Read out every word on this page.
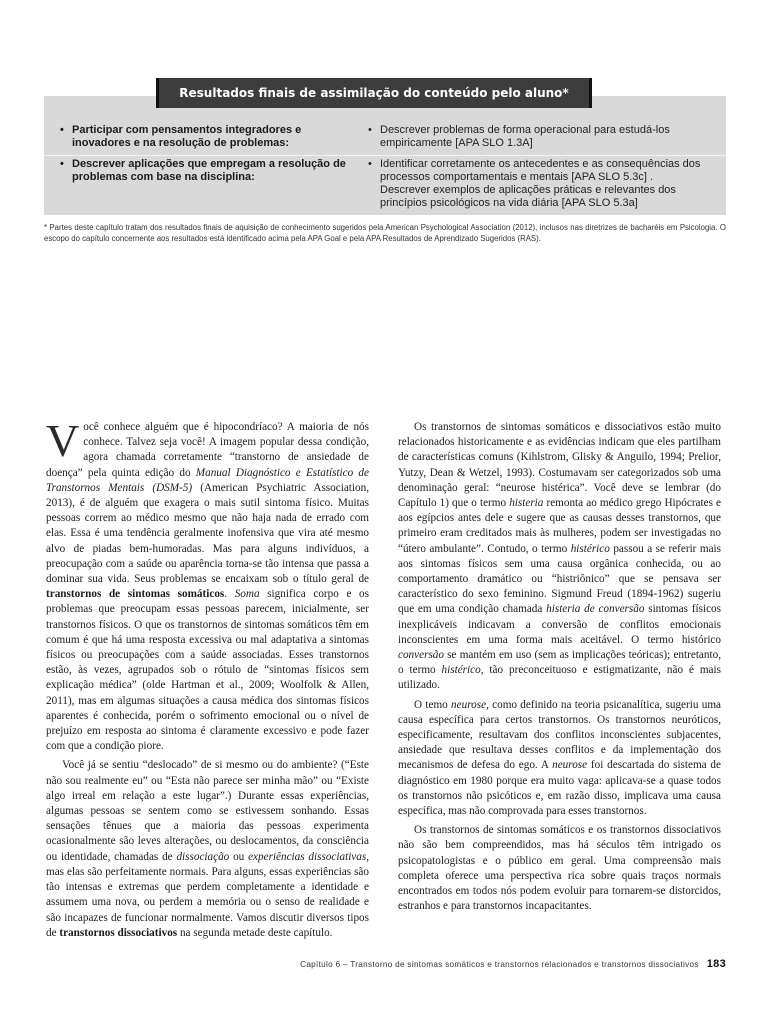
Resultados finais de assimilação do conteúdo pelo aluno*
• Participar com pensamentos integradores e inovadores e na resolução de problemas:
• Descrever problemas de forma operacional para estudá-los empiricamente [APA SLO 1.3A]
• Descrever aplicações que empregam a resolução de problemas com base na disciplina:
• Identificar corretamente os antecedentes e as consequências dos processos comportamentais e mentais [APA SLO 5.3c] .
Descrever exemplos de aplicações práticas e relevantes dos princípios psicológicos na vida diária [APA SLO 5.3a]
* Partes deste capítulo tratam dos resultados finais de aquisição de conhecimento sugeridos pela American Psychological Association (2012), inclusos nas diretrizes de bacharéis em Psicologia. O escopo do capítulo concernente aos resultados está identificado acima pela APA Goal e pela APA Resultados de Aprendizado Sugeridos (RAS).

Você conhece alguém que é hipocondríaco? A maioria de nós conhece. Talvez seja você! A imagem popular dessa condição, agora chamada corretamente “transtorno de ansiedade de doença” pela quinta edição do Manual Diagnóstico e Estatístico de Transtornos Mentais (DSM-5) (American Psychiatric Association, 2013), é de alguém que exagera o mais sutil sintoma físico. Muitas pessoas correm ao médico mesmo que não haja nada de errado com elas. Essa é uma tendência geralmente inofensiva que vira até mesmo alvo de piadas bem-humoradas. Mas para alguns indivíduos, a preocupação com a saúde ou aparência torna-se tão intensa que passa a dominar sua vida. Seus problemas se encaixam sob o título geral de transtornos de sintomas somáticos. Soma significa corpo e os problemas que preocupam essas pessoas parecem, inicialmente, ser transtornos físicos. O que os transtornos de sintomas somáticos têm em comum é que há uma resposta excessiva ou mal adaptativa a sintomas físicos ou preocupações com a saúde associadas. Esses transtornos estão, às vezes, agrupados sob o rótulo de “sintomas físicos sem explicação médica” (olde Hartman et al., 2009; Woolfolk & Allen, 2011), mas em algumas situações a causa médica dos sintomas físicos aparentes é conhecida, porém o sofrimento emocional ou o nível de prejuízo em resposta ao sintoma é claramente excessivo e pode fazer com que a condição piore.

Você já se sentiu “deslocado” de si mesmo ou do ambiente? (“Este não sou realmente eu” ou “Esta não parece ser minha mão” ou “Existe algo irreal em relação a este lugar”.) Durante essas experiências, algumas pessoas se sentem como se estivessem sonhando. Essas sensações tênues que a maioria das pessoas experimenta ocasionalmente são leves alterações, ou deslocamentos, da consciência ou identidade, chamadas de dissociação ou experiências dissociativas, mas elas são perfeitamente normais. Para alguns, essas experiências são tão intensas e extremas que perdem completamente a identidade e assumem uma nova, ou perdem a memória ou o senso de realidade e são incapazes de funcionar normalmente. Vamos discutir diversos tipos de transtornos dissociativos na segunda metade deste capítulo.

Os transtornos de sintomas somáticos e dissociativos estão muito relacionados historicamente e as evidências indicam que eles partilham de características comuns (Kihlstrom, Glisky & Anguilo, 1994; Prelior, Yutzy, Dean & Wetzel, 1993). Costumavam ser categorizados sob uma denominação geral: “neurose histérica”. Você deve se lembrar (do Capítulo 1) que o termo histeria remonta ao médico grego Hipócrates e aos egípcios antes dele e sugere que as causas desses transtornos, que primeiro eram creditados mais às mulheres, podem ser investigadas no “útero ambulante”. Contudo, o termo histérico passou a se referir mais aos sintomas físicos sem uma causa orgânica conhecida, ou ao comportamento dramático ou “histriônico” que se pensava ser característico do sexo feminino. Sigmund Freud (1894-1962) sugeriu que em uma condição chamada histeria de conversão sintomas físicos inexplicáveis indicavam a conversão de conflitos emocionais inconscientes em uma forma mais aceitável. O termo histórico conversão se mantém em uso (sem as implicações teóricas); entretanto, o termo histérico, tão preconceituoso e estigmatizante, não é mais utilizado.

O temo neurose, como definido na teoria psicanalítica, sugeriu uma causa específica para certos transtornos. Os transtornos neuróticos, especificamente, resultavam dos conflitos inconscientes subjacentes, ansiedade que resultava desses conflitos e da implementação dos mecanismos de defesa do ego. A neurose foi descartada do sistema de diagnóstico em 1980 porque era muito vaga: aplicava-se a quase todos os transtornos não psicóticos e, em razão disso, implicava uma causa específica, mas não comprovada para esses transtornos.

Os transtornos de sintomas somáticos e os transtornos dissociativos não são bem compreendidos, mas há séculos têm intrigado os psicopatologistas e o público em geral. Uma compreensão mais completa oferece uma perspectiva rica sobre quais traços normais encontrados em todos nós podem evoluir para tornarem-se distorcidos, estranhos e para transtornos incapacitantes.

Capítulo 6 – Transtorno de sintomas somáticos e transtornos relacionados e transtornos dissociativos 183
